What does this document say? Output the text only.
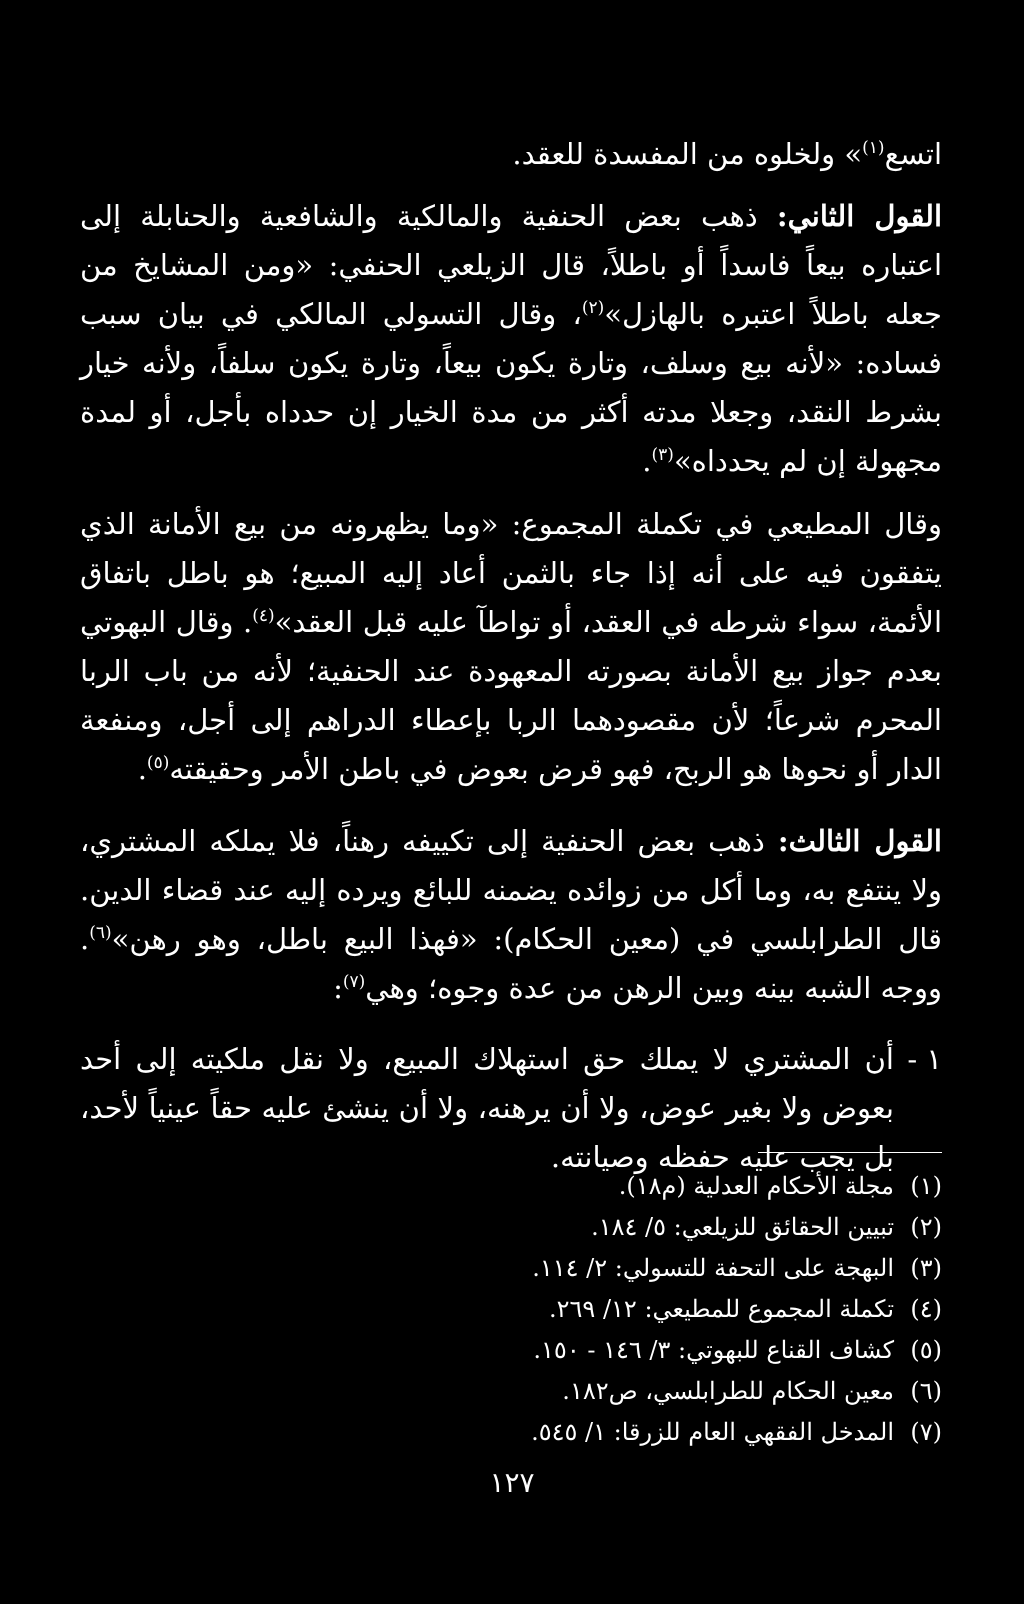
اتسع$^{(١)}$» ولخلوه من المفسدة للعقد.

القول الثاني: ذهب بعض الحنفية والمالكية والشافعية والحنابلة إلى اعتباره بيعاً فاسداً أو باطلاً، قال الزيلعي الحنفي: «ومن المشايخ من جعله باطلاً اعتبره بالهازل»$^{(٢)}$، وقال التسولي المالكي في بيان سبب فساده: «لأنه بيع وسلف، وتارة يكون بيعاً، وتارة يكون سلفاً، ولأنه خيار بشرط النقد، وجعلا مدته أكثر من مدة الخيار إن حدداه بأجل، أو لمدة مجهولة إن لم يحدداه»$^{(٣)}$.

وقال المطيعي في تكملة المجموع: «وما يظهرونه من بيع الأمانة الذي يتفقون فيه على أنه إذا جاء بالثمن أعاد إليه المبيع؛ هو باطل باتفاق الأئمة، سواء شرطه في العقد، أو تواطآ عليه قبل العقد»$^{(٤)}$. وقال البهوتي بعدم جواز بيع الأمانة بصورته المعهودة عند الحنفية؛ لأنه من باب الربا المحرم شرعاً؛ لأن مقصودهما الربا بإعطاء الدراهم إلى أجل، ومنفعة الدار أو نحوها هو الربح، فهو قرض بعوض في باطن الأمر وحقيقته$^{(٥)}$.

القول الثالث: ذهب بعض الحنفية إلى تكييفه رهناً، فلا يملكه المشتري، ولا ينتفع به، وما أكل من زوائده يضمنه للبائع ويرده إليه عند قضاء الدين. قال الطرابلسي في (معين الحكام): «فهذا البيع باطل، وهو رهن»$^{(٦)}$. ووجه الشبه بينه وبين الرهن من عدة وجوه؛ وهي$^{(٧)}$:

١ -
أن المشتري لا يملك حق استهلاك المبيع، ولا نقل ملكيته إلى أحد بعوض ولا بغير عوض، ولا أن يرهنه، ولا أن ينشئ عليه حقاً عينياً لأحد، بل يجب عليه حفظه وصيانته.
(١)
مجلة الأحكام العدلية (م١٨).
(٢)
تبيين الحقائق للزيلعي: ٥/ ١٨٤.
(٣)
البهجة على التحفة للتسولي: ٢/ ١١٤.
(٤)
تكملة المجموع للمطيعي: ١٢/ ٢٦٩.
(٥)
كشاف القناع للبهوتي: ٣/ ١٤٦ - ١٥٠.
(٦)
معين الحكام للطرابلسي، ص١٨٢.
(٧)
المدخل الفقهي العام للزرقا: ١/ ٥٤٥.
١٢٧
